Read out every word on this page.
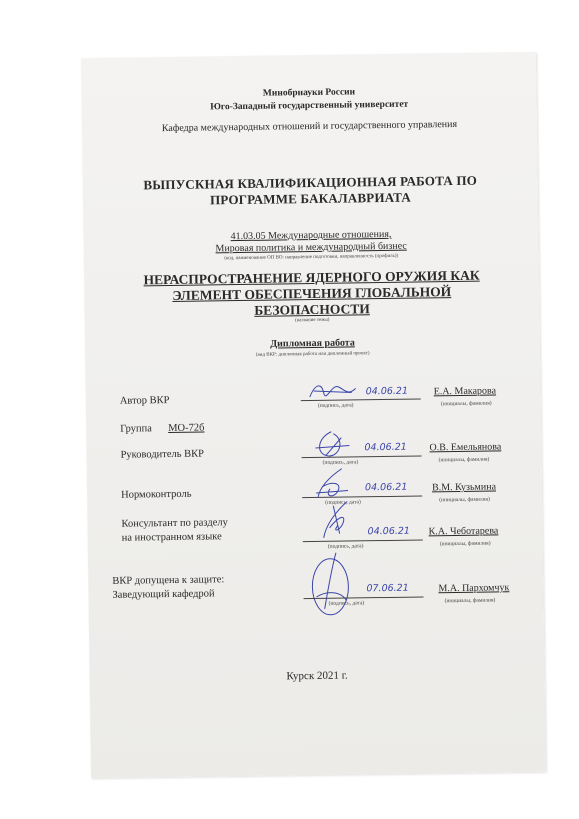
Минобрнауки России
Юго-Западный государственный университет
Кафедра международных отношений и государственного управления
ВЫПУСКНАЯ КВАЛИФИКАЦИОННАЯ РАБОТА ПО
ПРОГРАММЕ БАКАЛАВРИАТА
41.03.05 Международные отношения,
Мировая политика и международный бизнес
(код, наименование ОП ВО: направление подготовки, направленность (профиль))
НЕРАСПРОСТРАНЕНИЕ ЯДЕРНОГО ОРУЖИЯ КАК
ЭЛЕМЕНТ ОБЕСПЕЧЕНИЯ ГЛОБАЛЬНОЙ
БЕЗОПАСНОСТИ
(название темы)
Дипломная работа
(вид ВКР: дипломная работа или дипломный проект)
Автор ВКР
04.06.21
(подпись, дата)
Е.А. Макарова
(инициалы, фамилия)
Группа МО-72б
Руководитель ВКР
04.06.21
(подпись, дата)
О.В. Емельянова
(инициалы, фамилия)
Нормоконтроль
04.06.21
(подпись, дата)
В.М. Кузьмина
(инициалы, фамилия)
Консультант по разделу
на иностранном языке	04.06.21
(подпись, дата)
К.А. Чеботарева
(инициалы, фамилия)
ВКР допущена к защите:
Заведующий кафедрой	07.06.21
(подпись, дата)
М.А. Пархомчук
(инициалы, фамилия)
Курск 2021 г.
